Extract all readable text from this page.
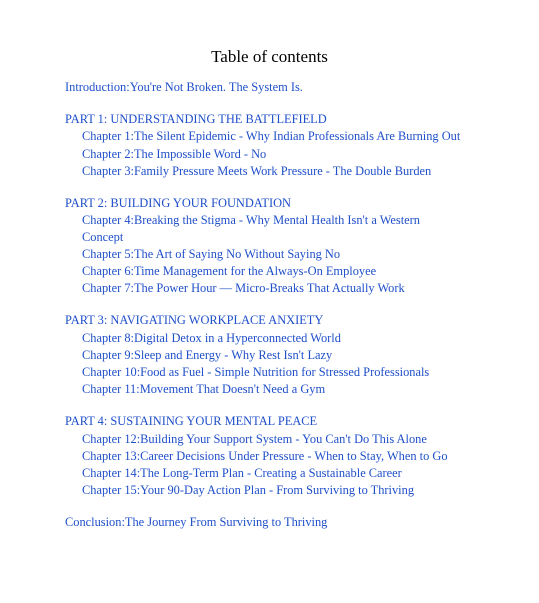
Table of contents
Introduction:You're Not Broken. The System Is.
PART 1: UNDERSTANDING THE BATTLEFIELD
Chapter 1:The Silent Epidemic - Why Indian Professionals Are Burning Out
Chapter 2:The Impossible Word - No
Chapter 3:Family Pressure Meets Work Pressure - The Double Burden
PART 2: BUILDING YOUR FOUNDATION
Chapter 4:Breaking the Stigma - Why Mental Health Isn't a Western
Concept
Chapter 5:The Art of Saying No Without Saying No
Chapter 6:Time Management for the Always-On Employee
Chapter 7:The Power Hour — Micro-Breaks That Actually Work
PART 3: NAVIGATING WORKPLACE ANXIETY
Chapter 8:Digital Detox in a Hyperconnected World
Chapter 9:Sleep and Energy - Why Rest Isn't Lazy
Chapter 10:Food as Fuel - Simple Nutrition for Stressed Professionals
Chapter 11:Movement That Doesn't Need a Gym
PART 4: SUSTAINING YOUR MENTAL PEACE
Chapter 12:Building Your Support System - You Can't Do This Alone
Chapter 13:Career Decisions Under Pressure - When to Stay, When to Go
Chapter 14:The Long-Term Plan - Creating a Sustainable Career
Chapter 15:Your 90-Day Action Plan - From Surviving to Thriving
Conclusion:The Journey From Surviving to Thriving
